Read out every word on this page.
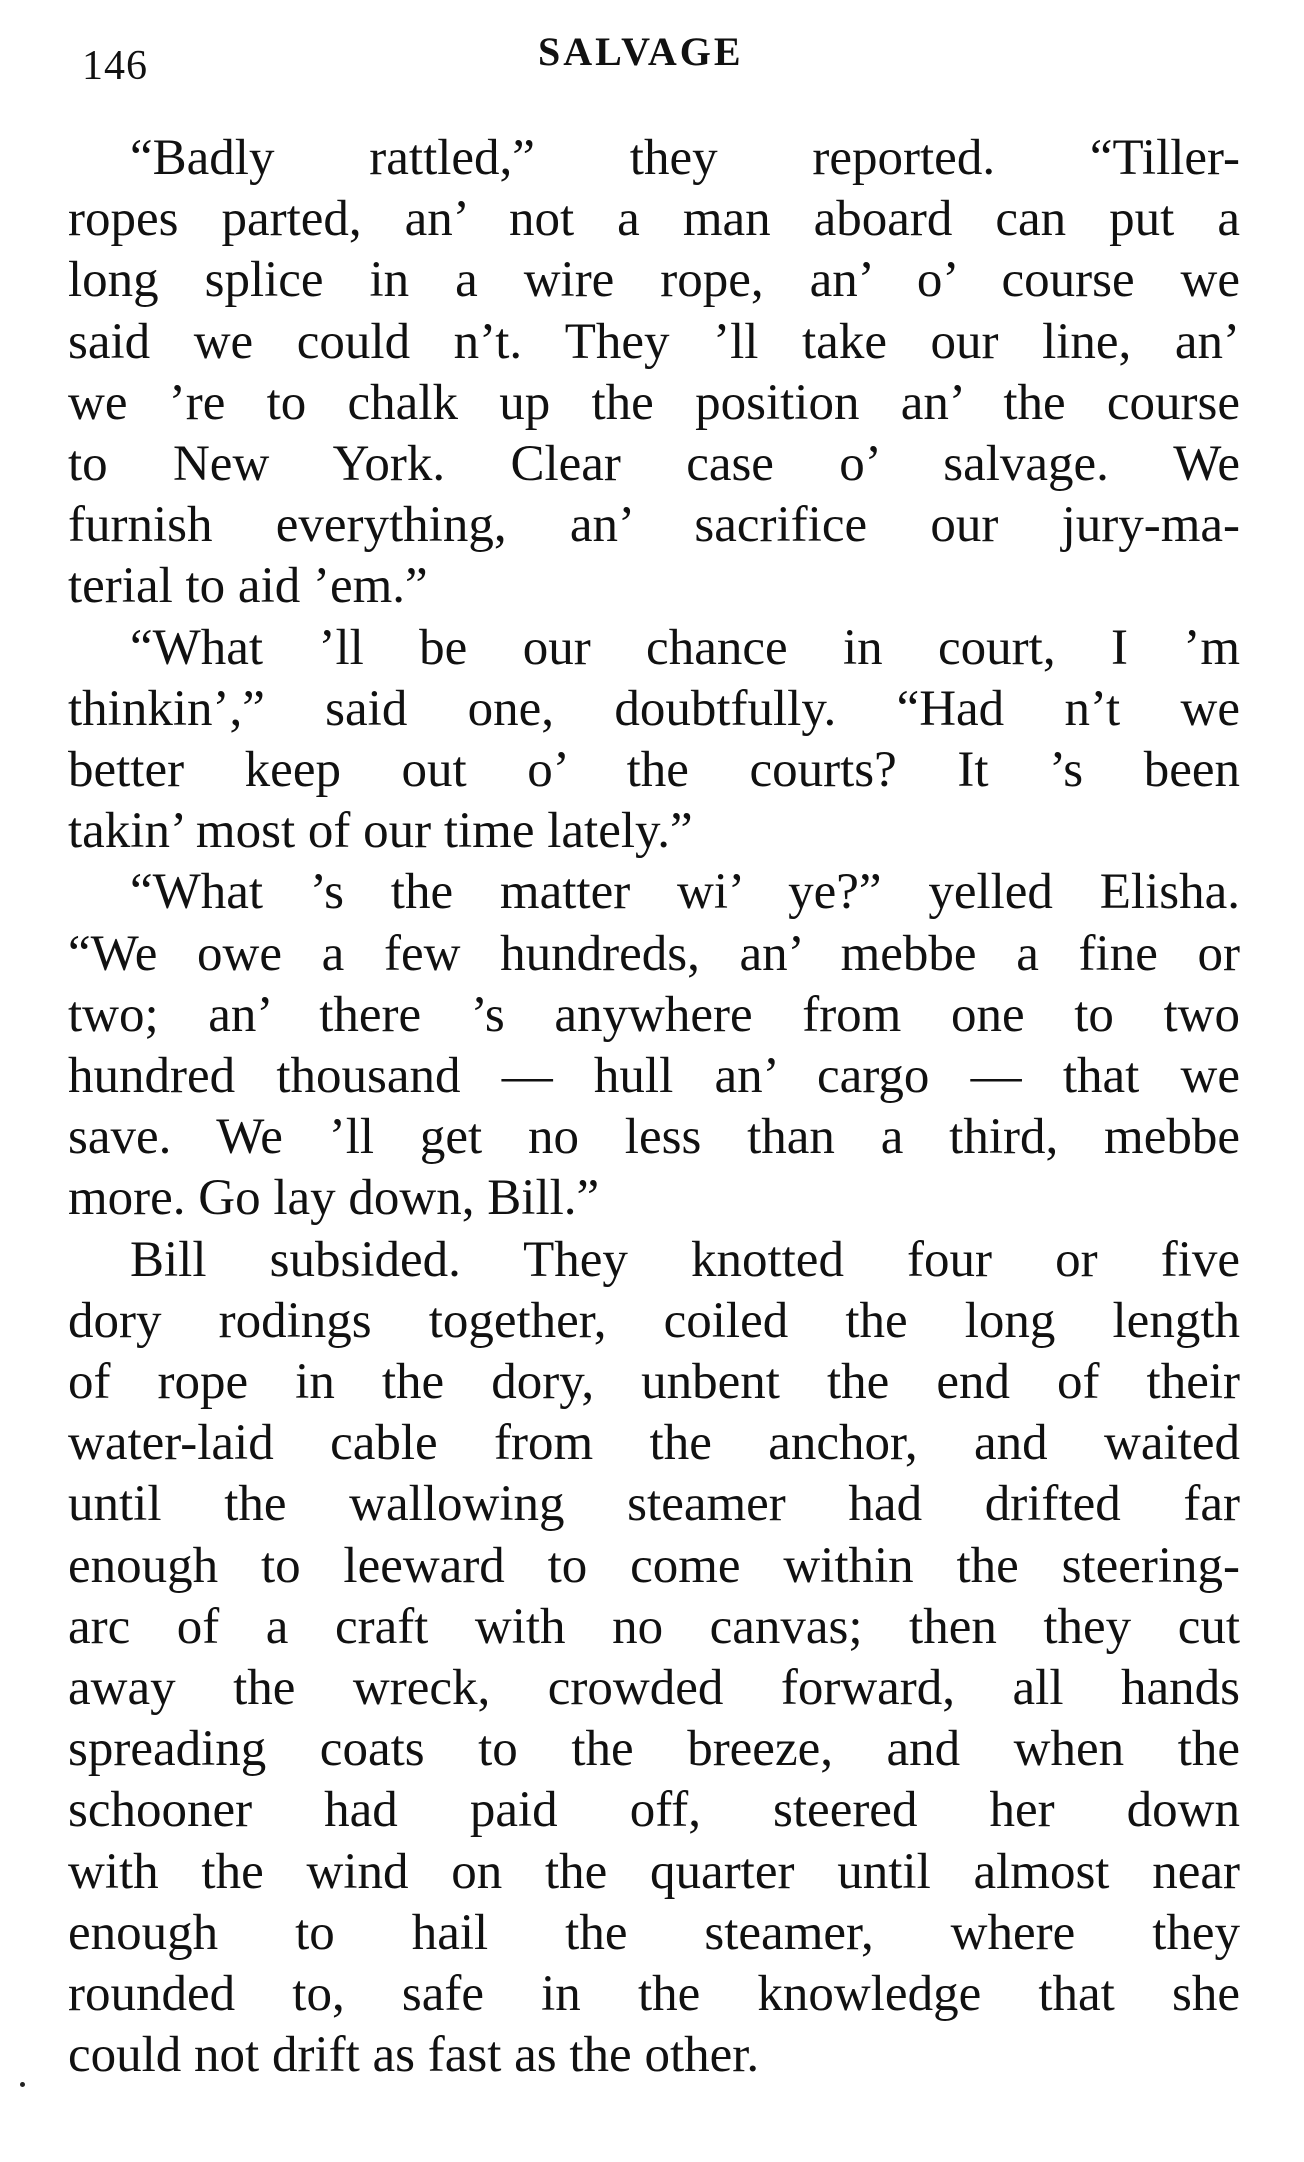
146	SALVAGE
“Badly rattled,” they reported. “Tiller-
ropes parted, an’ not a man aboard can put a
long splice in a wire rope, an’ o’ course we
said we could n’t. They ’ll take our line, an’
we ’re to chalk up the position an’ the course
to New York. Clear case o’ salvage. We
furnish everything, an’ sacrifice our jury-ma-
terial to aid ’em.”
“What ’ll be our chance in court, I ’m
thinkin’,” said one, doubtfully. “Had n’t we
better keep out o’ the courts? It ’s been
takin’ most of our time lately.”
“What ’s the matter wi’ ye?” yelled Elisha.
“We owe a few hundreds, an’ mebbe a fine or
two; an’ there ’s anywhere from one to two
hundred thousand — hull an’ cargo — that we
save. We ’ll get no less than a third, mebbe
more. Go lay down, Bill.”
Bill subsided. They knotted four or five
dory rodings together, coiled the long length
of rope in the dory, unbent the end of their
water-laid cable from the anchor, and waited
until the wallowing steamer had drifted far
enough to leeward to come within the steering-
arc of a craft with no canvas; then they cut
away the wreck, crowded forward, all hands
spreading coats to the breeze, and when the
schooner had paid off, steered her down
with the wind on the quarter until almost near
enough to hail the steamer, where they
rounded to, safe in the knowledge that she
could not drift as fast as the other.
